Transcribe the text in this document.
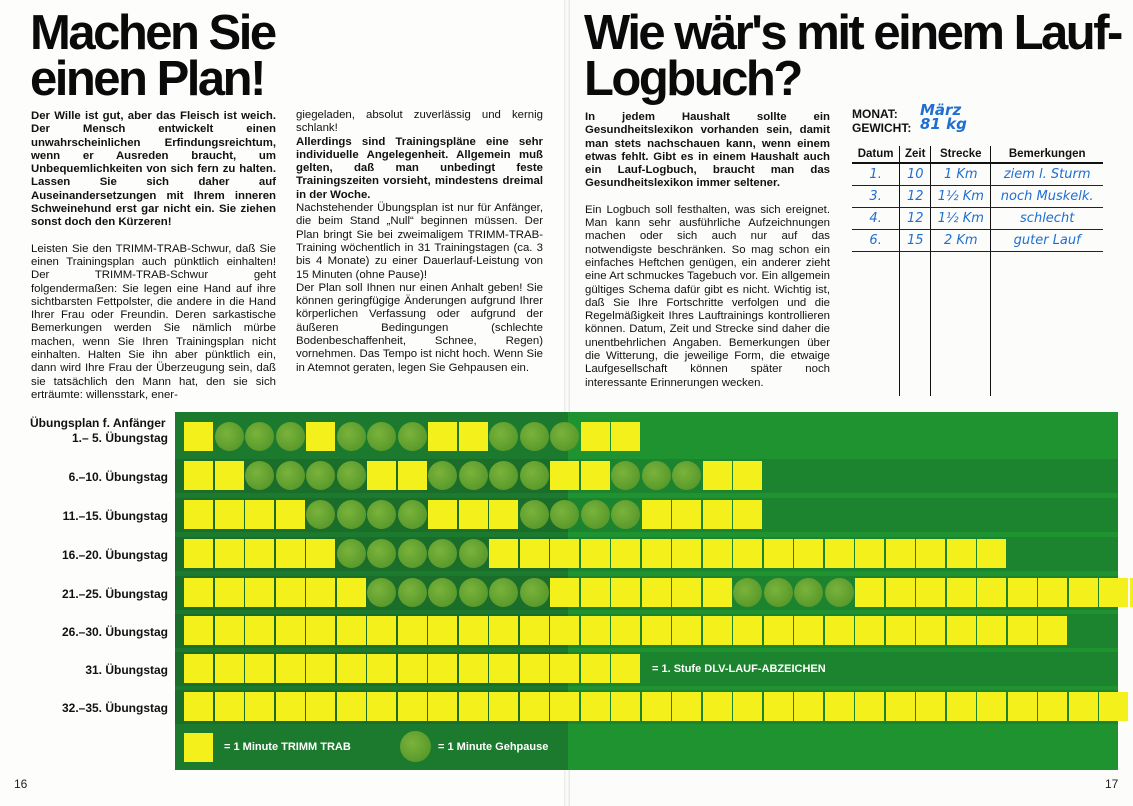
Machen Sie einen Plan!
Wie wär's mit einem Lauf-Logbuch?

Der Wille ist gut, aber das Fleisch ist weich. Der Mensch entwickelt einen unwahrscheinlichen Erfindungsreichtum, wenn er Ausreden braucht, um Unbequemlichkeiten von sich fern zu halten. Lassen Sie sich daher auf Auseinandersetzungen mit Ihrem inneren Schweinehund erst gar nicht ein. Sie ziehen sonst doch den Kürzeren!

Leisten Sie den TRIMM-TRAB-Schwur, daß Sie einen Trainingsplan auch pünktlich einhalten! Der TRIMM-TRAB-Schwur geht folgendermaßen: Sie legen eine Hand auf ihre sichtbarsten Fettpolster, die andere in die Hand Ihrer Frau oder Freundin. Deren sarkastische Bemerkungen werden Sie nämlich mürbe machen, wenn Sie Ihren Trainingsplan nicht einhalten. Halten Sie ihn aber pünktlich ein, dann wird Ihre Frau der Überzeugung sein, daß sie tatsächlich den Mann hat, den sie sich erträumte: willensstark, ener-

giegeladen, absolut zuverlässig und kernig schlank!

Allerdings sind Trainingspläne eine sehr individuelle Angelegenheit. Allgemein muß gelten, daß man unbedingt feste Trainingszeiten vorsieht, mindestens dreimal in der Woche.

Nachstehender Übungsplan ist nur für Anfänger, die beim Stand „Null“ beginnen müssen. Der Plan bringt Sie bei zweimaligem TRIMM-TRAB-Training wöchentlich in 31 Trainingstagen (ca. 3 bis 4 Monate) zu einer Dauerlauf-Leistung von 15 Minuten (ohne Pause)!

Der Plan soll Ihnen nur einen Anhalt geben! Sie können geringfügige Änderungen aufgrund Ihrer körperlichen Verfassung oder aufgrund der äußeren Bedingungen (schlechte Bodenbeschaffenheit, Schnee, Regen) vornehmen. Das Tempo ist nicht hoch. Wenn Sie in Atemnot geraten, legen Sie Gehpausen ein.

In jedem Haushalt sollte ein Gesundheitslexikon vorhanden sein, damit man stets nachschauen kann, wenn einem etwas fehlt. Gibt es in einem Haushalt auch ein Lauf-Logbuch, braucht man das Gesundheitslexikon immer seltener.

Ein Logbuch soll festhalten, was sich ereignet. Man kann sehr ausführliche Aufzeichnungen machen oder sich auch nur auf das notwendigste beschränken. So mag schon ein einfaches Heftchen genügen, ein anderer zieht eine Art schmuckes Tagebuch vor. Ein allgemein gültiges Schema dafür gibt es nicht. Wichtig ist, daß Sie Ihre Fortschritte verfolgen und die Regelmäßigkeit Ihres Lauftrainings kontrollieren können. Datum, Zeit und Strecke sind daher die unentbehrlichen Angaben. Bemerkungen über die Witterung, die jeweilige Form, die etwaige Laufgesellschaft können später noch interessante Erinnerungen wecken.

MONAT: März
GEWICHT: 81 kg
Datum	Zeit	Strecke	Bemerkungen
1.	10	1 Km	ziem l. Sturm
3.	12	1½ Km	noch Muskelk.
4.	12	1½ Km	schlecht
6.	15	2 Km	guter Lauf

Übungsplan f. Anfänger
1.– 5. Übungstag
6.–10. Übungstag
11.–15. Übungstag
16.–20. Übungstag
21.–25. Übungstag
26.–30. Übungstag
31. Übungstag	= 1. Stufe DLV-LAUF-ABZEICHEN
32.–35. Übungstag
= 1 Minute TRIMM TRAB	= 1 Minute Gehpause
16	17
